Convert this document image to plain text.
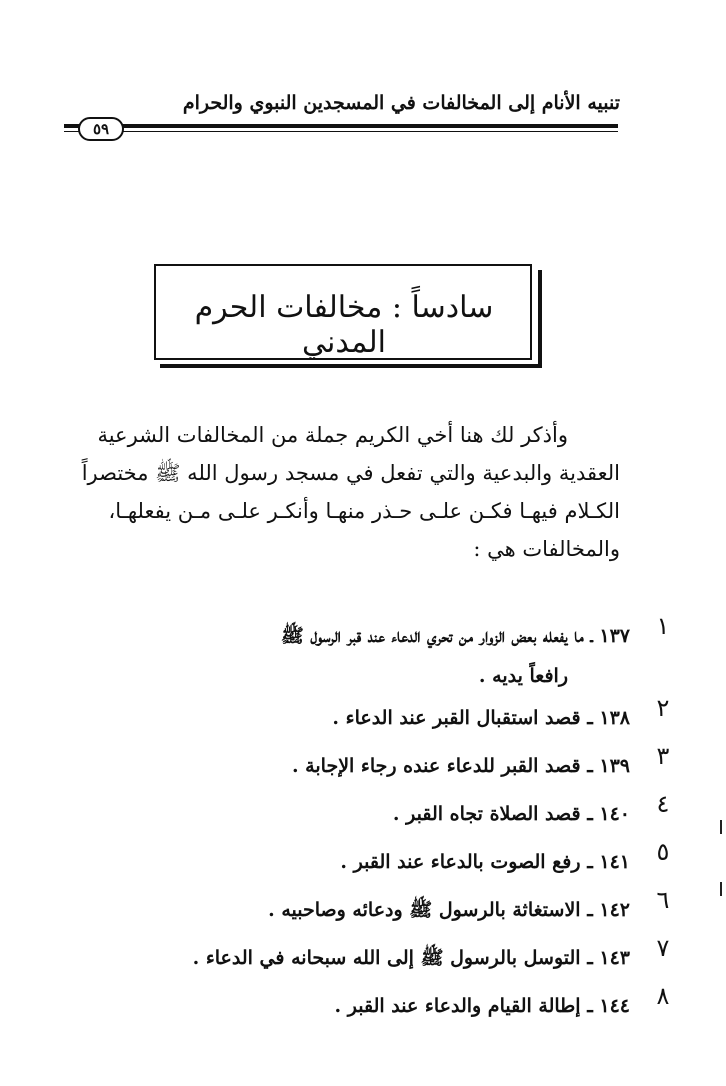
تنبيه الأنام إلى المخالفات في المسجدين النبوي والحرام
٥٩
سادساً : مخالفات الحرم المدني
وأذكر لك هنا أخي الكريم جملة من المخالفات الشرعية
العقدية والبدعية والتي تفعل في مسجد رسول الله ﷺ مختصراً
الكـلام فيهـا فكـن علـى حـذر منهـا وأنكـر علـى مـن يفعلهـا،
والمخالفات هي :
١
١٣٧ ـ ما يفعله بعض الزوار من تحري الدعاء عند قبر الرسول ﷺ
رافعاً يديه .
٢
١٣٨ ـ قصد استقبال القبر عند الدعاء .
٣
١٣٩ ـ قصد القبر للدعاء عنده رجاء الإجابة .
٤
١٤٠ ـ قصد الصلاة تجاه القبر .
٥
١٤١ ـ رفع الصوت بالدعاء عند القبر .
٦
١٤٢ ـ الاستغاثة بالرسول ﷺ ودعائه وصاحبيه .
٧
١٤٣ ـ التوسل بالرسول ﷺ إلى الله سبحانه في الدعاء .
٨
١٤٤ ـ إطالة القيام والدعاء عند القبر .
